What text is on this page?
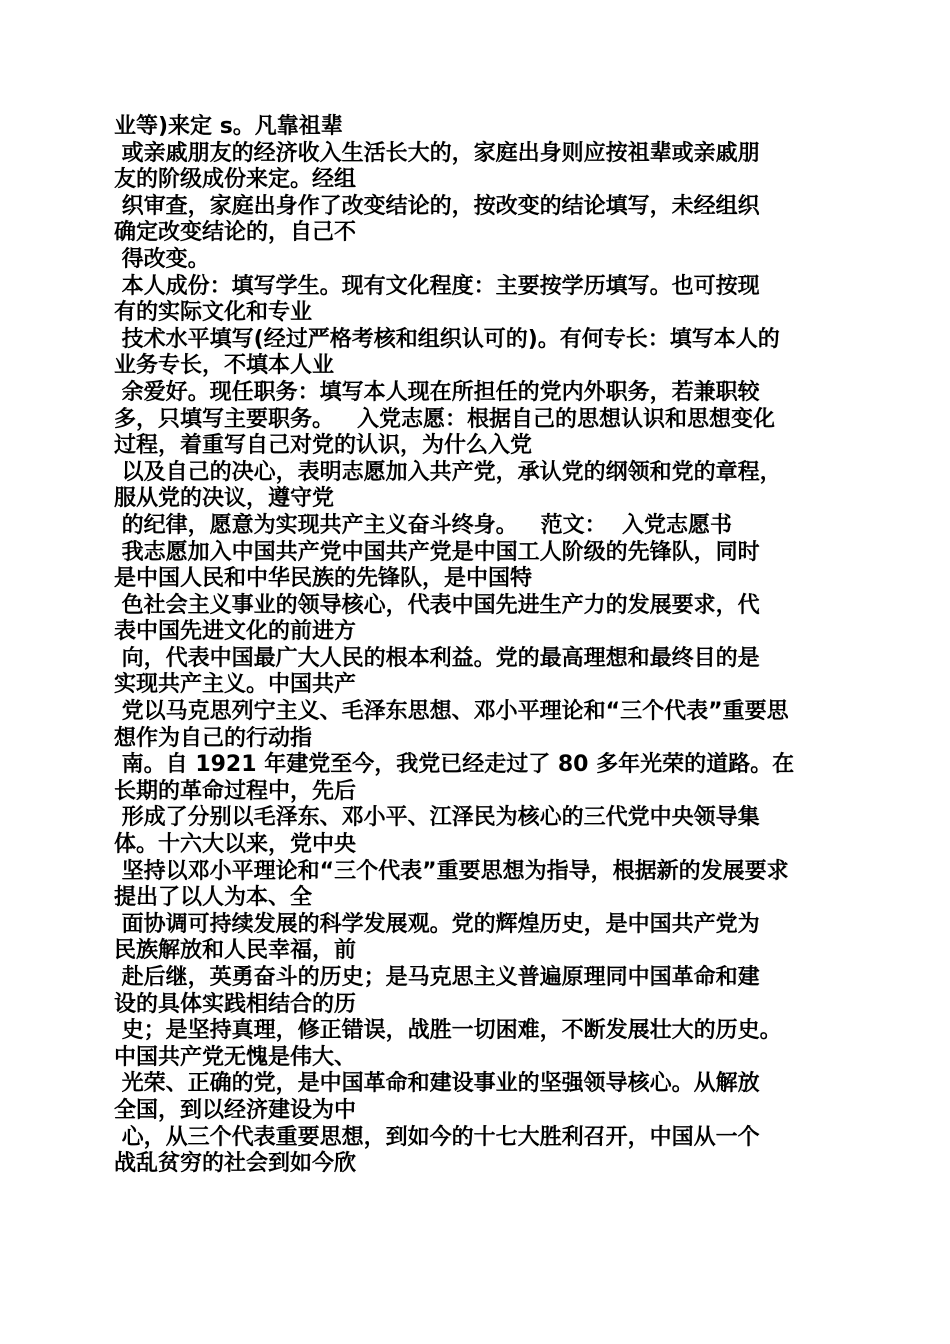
业等)来定 s。凡靠祖辈
或亲戚朋友的经济收入生活长大的，家庭出身则应按祖辈或亲戚朋
友的阶级成份来定。经组
织审查，家庭出身作了改变结论的，按改变的结论填写，未经组织
确定改变结论的，自己不
得改变。
本人成份：填写学生。现有文化程度：主要按学历填写。也可按现
有的实际文化和专业
技术水平填写(经过严格考核和组织认可的)。有何专长：填写本人的
业务专长，不填本人业
余爱好。现任职务：填写本人现在所担任的党内外职务，若兼职较
多，只填写主要职务。   入党志愿：根据自己的思想认识和思想变化
过程，着重写自己对党的认识，为什么入党
以及自己的决心，表明志愿加入共产党，承认党的纲领和党的章程，
服从党的决议，遵守党
的纪律，愿意为实现共产主义奋斗终身。   范文：  入党志愿书
我志愿加入中国共产党中国共产党是中国工人阶级的先锋队，同时
是中国人民和中华民族的先锋队，是中国特
色社会主义事业的领导核心，代表中国先进生产力的发展要求，代
表中国先进文化的前进方
向，代表中国最广大人民的根本利益。党的最高理想和最终目的是
实现共产主义。中国共产
党以马克思列宁主义、毛泽东思想、邓小平理论和“三个代表”重要思
想作为自己的行动指
南。自 1921 年建党至今，我党已经走过了 80 多年光荣的道路。在
长期的革命过程中，先后
形成了分别以毛泽东、邓小平、江泽民为核心的三代党中央领导集
体。十六大以来，党中央
坚持以邓小平理论和“三个代表”重要思想为指导，根据新的发展要求
提出了以人为本、全
面协调可持续发展的科学发展观。党的辉煌历史，是中国共产党为
民族解放和人民幸福，前
赴后继，英勇奋斗的历史；是马克思主义普遍原理同中国革命和建
设的具体实践相结合的历
史；是坚持真理，修正错误，战胜一切困难，不断发展壮大的历史。
中国共产党无愧是伟大、
光荣、正确的党，是中国革命和建设事业的坚强领导核心。从解放
全国，到以经济建设为中
心，从三个代表重要思想，到如今的十七大胜利召开，中国从一个
战乱贫穷的社会到如今欣
